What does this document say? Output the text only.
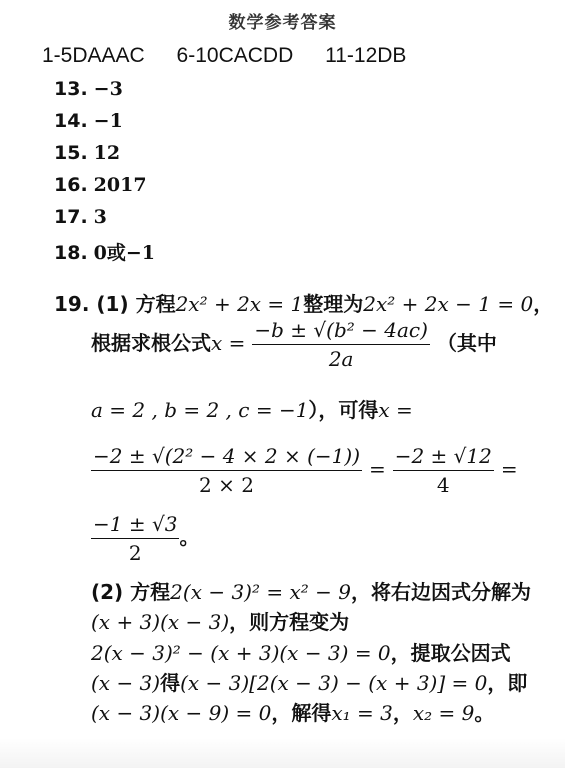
数学参考答案
1-5DAAAC 6-10CACDD 11-12DB
13. −3
14. −1
15. 12
16. 2017
17. 3
18. 0或−1
19. (1) 方程2x² + 2x = 1整理为2x² + 2x − 1 = 0，
根据求根公式$x = \frac{\text{−b ± √(b² − 4ac)}}{2a}$ （其中
a = 2 , b = 2 , c = −1），可得x =
$\frac{\text{−2 ± √(2² − 4 × 2 × (−1))}}{2 \times 2} = \frac{-2 \pm √12}{4}$ =
$\frac{-1 \pm √3}{2}$ 。
(2) 方程2(x − 3)² = x² − 9，将右边因式分解为
(x + 3)(x − 3)，则方程变为
2(x − 3)² − (x + 3)(x − 3) = 0，提取公因式
(x − 3)得(x − 3)[2(x − 3) − (x + 3)] = 0，即
(x − 3)(x − 9) = 0，解得x₁ = 3，x₂ = 9。
